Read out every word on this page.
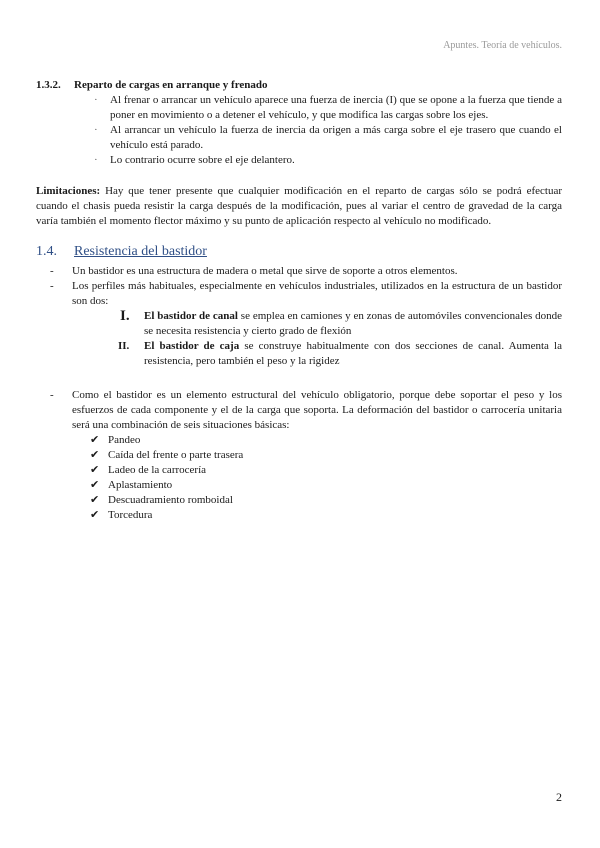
Apuntes. Teoría de vehículos.
1.3.2.	Reparto de cargas en arranque y frenado
· Al frenar o arrancar un vehículo aparece una fuerza de inercia (I) que se opone a la fuerza que tiende a poner en movimiento o a detener el vehículo, y que modifica las cargas sobre los ejes.
· Al arrancar un vehículo la fuerza de inercia da origen a más carga sobre el eje trasero que cuando el vehículo está parado.
· Lo contrario ocurre sobre el eje delantero.
Limitaciones: Hay que tener presente que cualquier modificación en el reparto de cargas sólo se podrá efectuar cuando el chasis pueda resistir la carga después de la modificación, pues al variar el centro de gravedad de la carga varía también el momento flector máximo y su punto de aplicación respecto al vehículo no modificado.
1.4.	Resistencia del bastidor
- Un bastidor es una estructura de madera o metal que sirve de soporte a otros elementos.
- Los perfiles más habituales, especialmente en vehículos industriales, utilizados en la estructura de un bastidor son dos:
I. El bastidor de canal se emplea en camiones y en zonas de automóviles convencionales donde se necesita resistencia y cierto grado de flexión
II. El bastidor de caja se construye habitualmente con dos secciones de canal. Aumenta la resistencia, pero también el peso y la rigidez
- Como el bastidor es un elemento estructural del vehículo obligatorio, porque debe soportar el peso y los esfuerzos de cada componente y el de la carga que soporta. La deformación del bastidor o carrocería unitaria será una combinación de seis situaciones básicas:
✔ Pandeo
✔ Caída del frente o parte trasera
✔ Ladeo de la carrocería
✔ Aplastamiento
✔ Descuadramiento romboidal
✔ Torcedura
2
